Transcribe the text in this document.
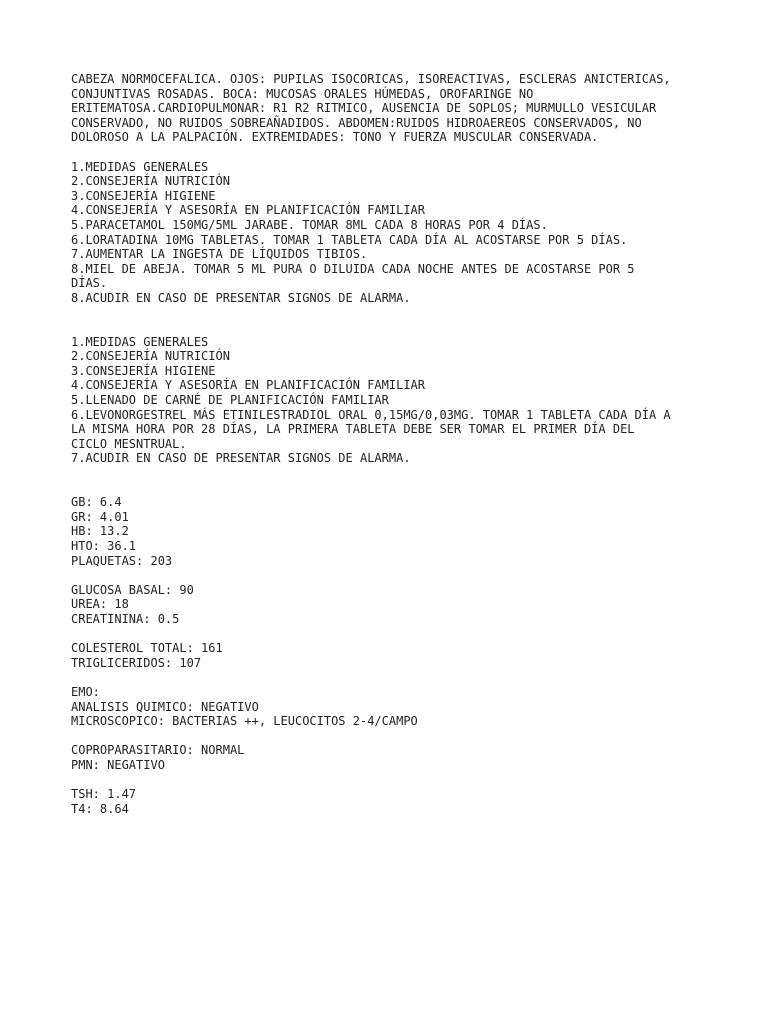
CABEZA NORMOCEFALICA. OJOS: PUPILAS ISOCORICAS, ISOREACTIVAS, ESCLERAS ANICTERICAS,
CONJUNTIVAS ROSADAS. BOCA: MUCOSAS ORALES HÚMEDAS, OROFARINGE NO
ERITEMATOSA.CARDIOPULMONAR: R1 R2 RITMICO, AUSENCIA DE SOPLOS; MURMULLO VESICULAR
CONSERVADO, NO RUIDOS SOBREAÑADIDOS. ABDOMEN:RUIDOS HIDROAEREOS CONSERVADOS, NO
DOLOROSO A LA PALPACIÓN. EXTREMIDADES: TONO Y FUERZA MUSCULAR CONSERVADA.
1.MEDIDAS GENERALES
2.CONSEJERÍA NUTRICIÓN
3.CONSEJERÍA HIGIENE
4.CONSEJERÍA Y ASESORÍA EN PLANIFICACIÓN FAMILIAR
5.PARACETAMOL 150MG/5ML JARABE. TOMAR 8ML CADA 8 HORAS POR 4 DÍAS.
6.LORATADINA 10MG TABLETAS. TOMAR 1 TABLETA CADA DÍA AL ACOSTARSE POR 5 DÍAS.
7.AUMENTAR LA INGESTA DE LÍQUIDOS TIBIOS.
8.MIEL DE ABEJA. TOMAR 5 ML PURA O DILUIDA CADA NOCHE ANTES DE ACOSTARSE POR 5
DÍAS.
8.ACUDIR EN CASO DE PRESENTAR SIGNOS DE ALARMA.
1.MEDIDAS GENERALES
2.CONSEJERÍA NUTRICIÓN
3.CONSEJERÍA HIGIENE
4.CONSEJERÍA Y ASESORÍA EN PLANIFICACIÓN FAMILIAR
5.LLENADO DE CARNÉ DE PLANIFICACIÓN FAMILIAR
6.LEVONORGESTREL MÁS ETINILESTRADIOL ORAL 0,15MG/0,03MG. TOMAR 1 TABLETA CADA DÍA A
LA MISMA HORA POR 28 DÍAS, LA PRIMERA TABLETA DEBE SER TOMAR EL PRIMER DÍA DEL
CICLO MESNTRUAL.
7.ACUDIR EN CASO DE PRESENTAR SIGNOS DE ALARMA.
GB: 6.4
GR: 4.01
HB: 13.2
HTO: 36.1
PLAQUETAS: 203
GLUCOSA BASAL: 90
UREA: 18
CREATININA: 0.5
COLESTEROL TOTAL: 161
TRIGLICERIDOS: 107
EMO:
ANALISIS QUIMICO: NEGATIVO
MICROSCOPICO: BACTERIAS ++, LEUCOCITOS 2-4/CAMPO
COPROPARASITARIO: NORMAL
PMN: NEGATIVO
TSH: 1.47
T4: 8.64
